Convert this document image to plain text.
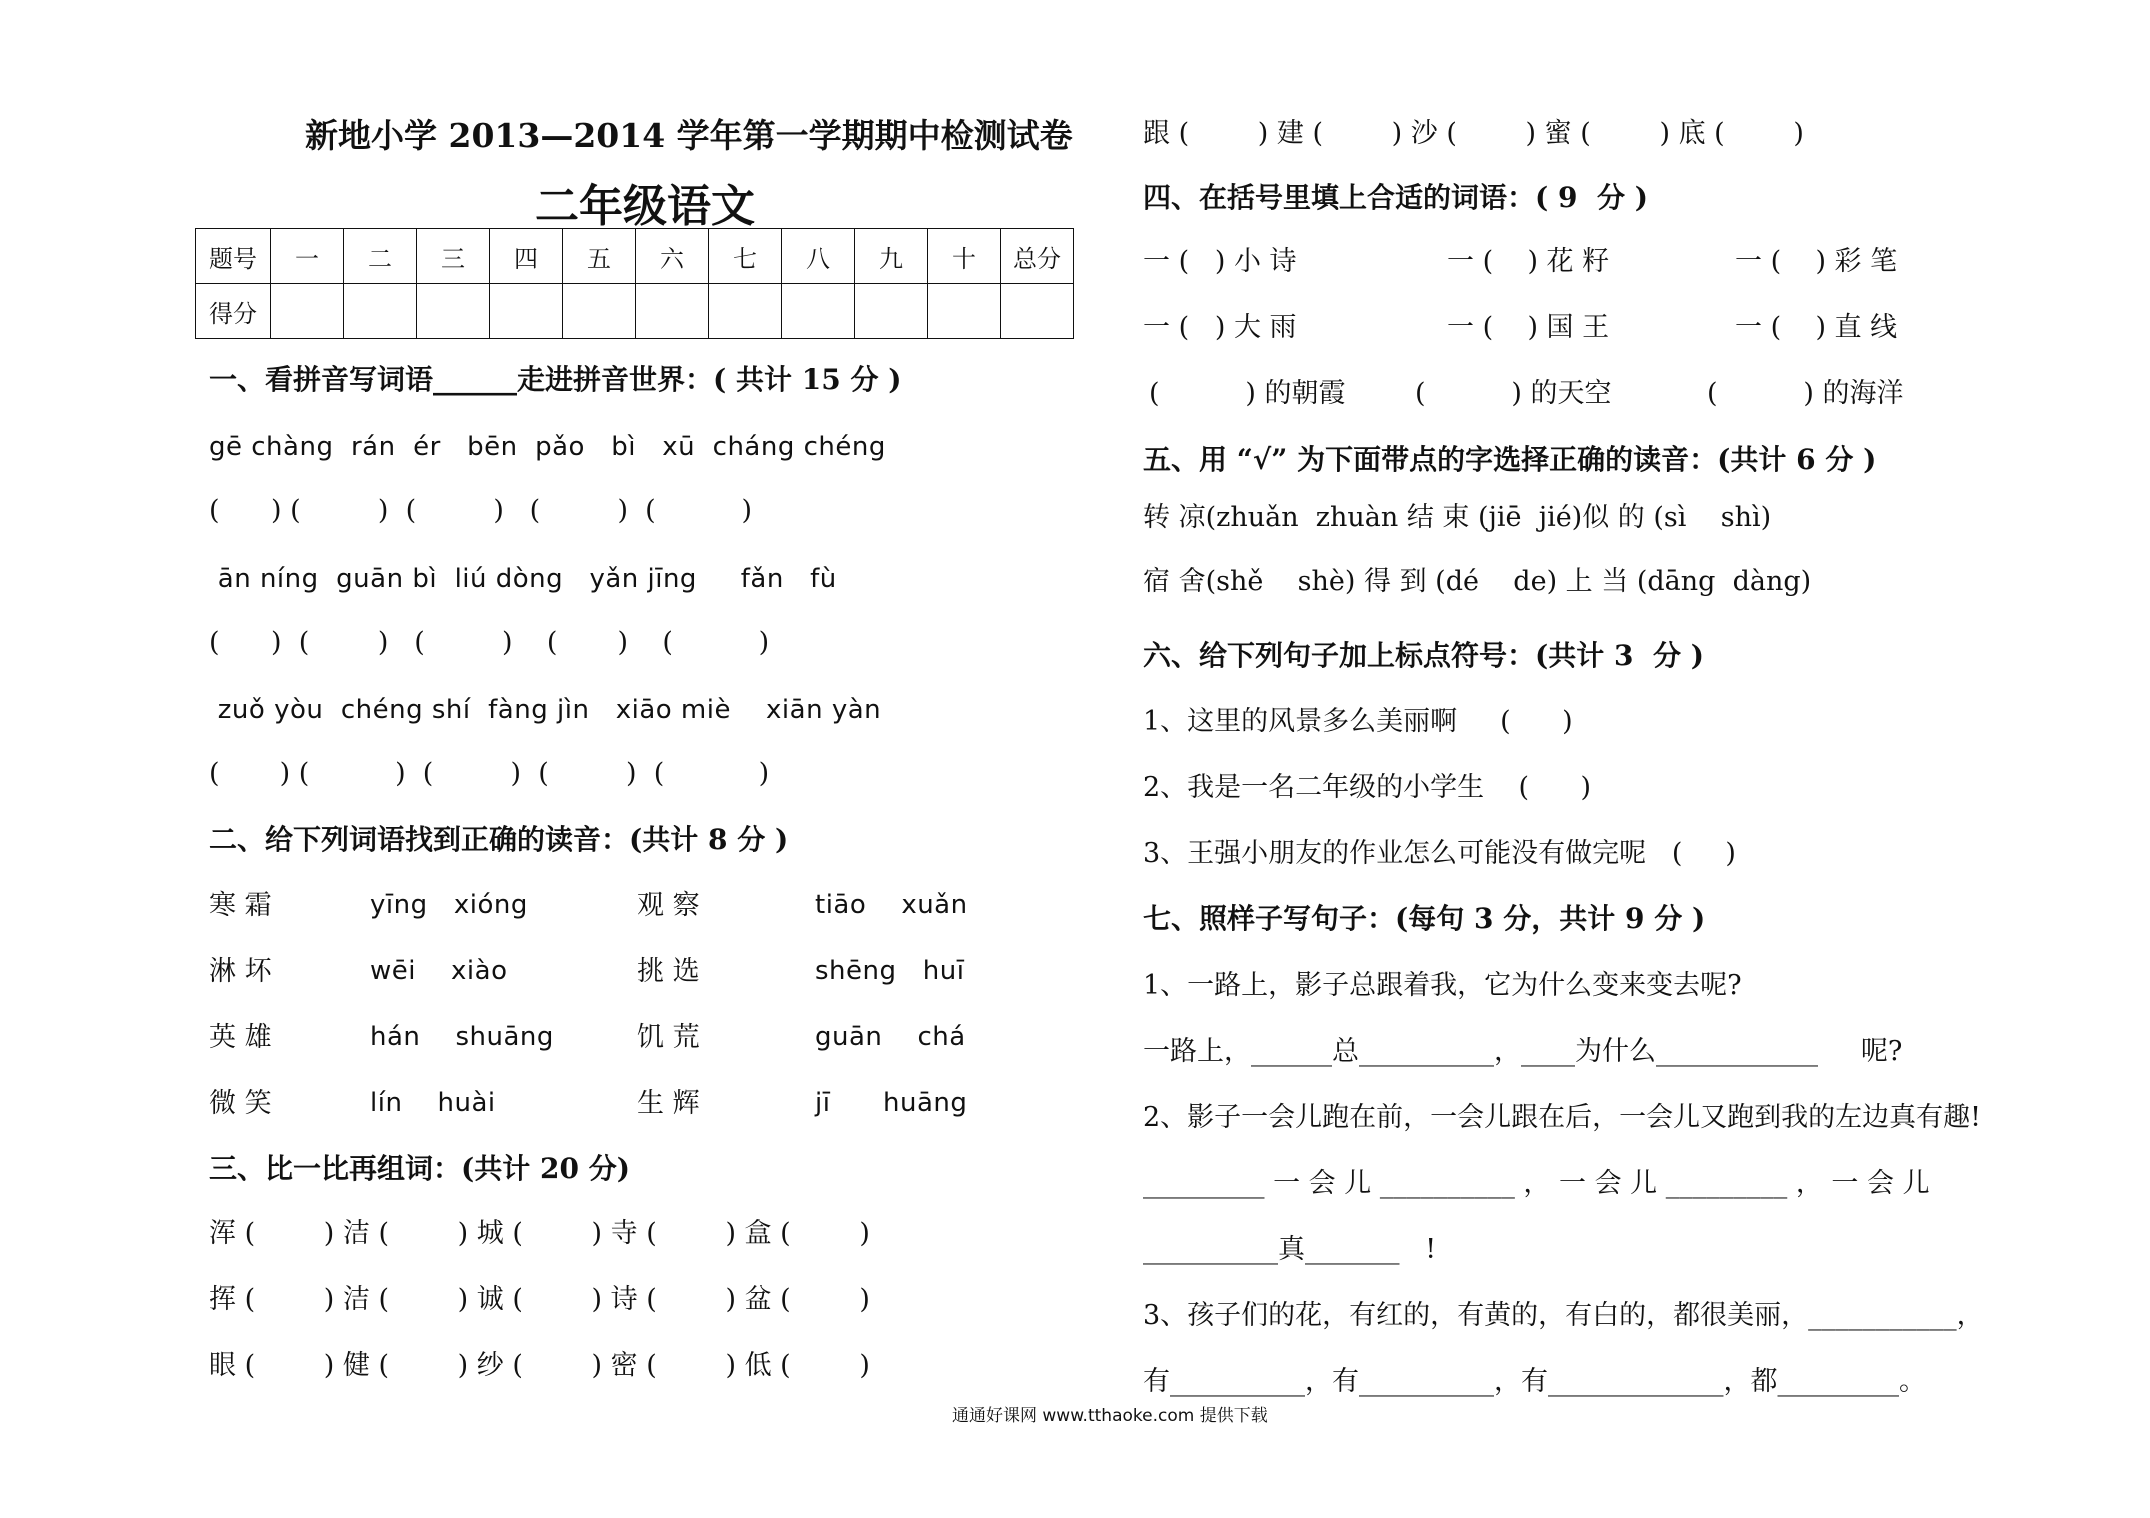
新地小学 2013—2014 学年第一学期期中检测试卷
二年级语文
题号	一	二	三	四	五	六	七	八	九	十	总分
得分											
一、看拼音写词语______走进拼音世界：( 共计 15 分 )
gē chàng  rán  ér   bēn  pǎo   bì   xū  cháng chéng
(      ) (         )  (         )   (         )  (          )
ān níng  guān bì  liú dòng   yǎn jīng     fǎn   fù
(      )  (        )   (         )    (       )    (          )
zuǒ yòu  chéng shí  fàng jìn   xiāo miè    xiān yàn
(       ) (          )  (         )  (         )  (           )
二、给下列词语找到正确的读音：(共计 8 分 )
寒 霜	yīng   xióng	观 察	tiāo    xuǎn
淋 坏	wēi    xiào	挑 选	shēng   huī
英 雄	hán    shuāng	饥 荒	guān    chá
微 笑	lín    huài	生 辉	jī      huāng
三、比一比再组词：(共计 20 分)
浑 (        ) 洁 (        ) 城 (        ) 寺 (        ) 盒 (        )
挥 (        ) 洁 (        ) 诚 (        ) 诗 (        ) 盆 (        )
眼 (        ) 健 (        ) 纱 (        ) 密 (        ) 低 (        )
跟 (        ) 建 (        ) 沙 (        ) 蜜 (        ) 底 (        )
四、在括号里填上合适的词语：( 9  分 )
一 (   ) 小 诗	一 (    ) 花 籽	一 (    ) 彩 笔
一 (   ) 大 雨	一 (    ) 国 王	一 (    ) 直 线
(          ) 的朝霞	(          ) 的天空	(          ) 的海洋
五、用 “√” 为下面带点的字选择正确的读音：(共计 6 分 )
转 凉(zhuǎn  zhuàn 结 束 (jiē  jié)似 的 (sì    shì)
宿 舍(shě    shè) 得 到 (dé    de) 上 当 (dāng  dàng)
六、给下列句子加上标点符号：(共计 3  分 )
1、这里的风景多么美丽啊     (      )
2、我是一名二年级的小学生    (      )
3、王强小朋友的作业怎么可能没有做完呢   (     )
七、照样子写句子：(每句 3 分，共计 9 分 )
1、一路上，影子总跟着我，它为什么变来变去呢?
一路上，______总__________，____为什么____________     呢?
2、影子一会儿跑在前，一会儿跟在后，一会儿又跑到我的左边真有趣!
_________ 一 会 儿 __________ ， 一 会 儿 _________ ， 一 会 儿
__________真_______   !
3、孩子们的花，有红的，有黄的，有白的，都很美丽，___________，
有__________，有__________，有_____________，都_________。
通通好课网 www.tthaoke.com 提供下载
